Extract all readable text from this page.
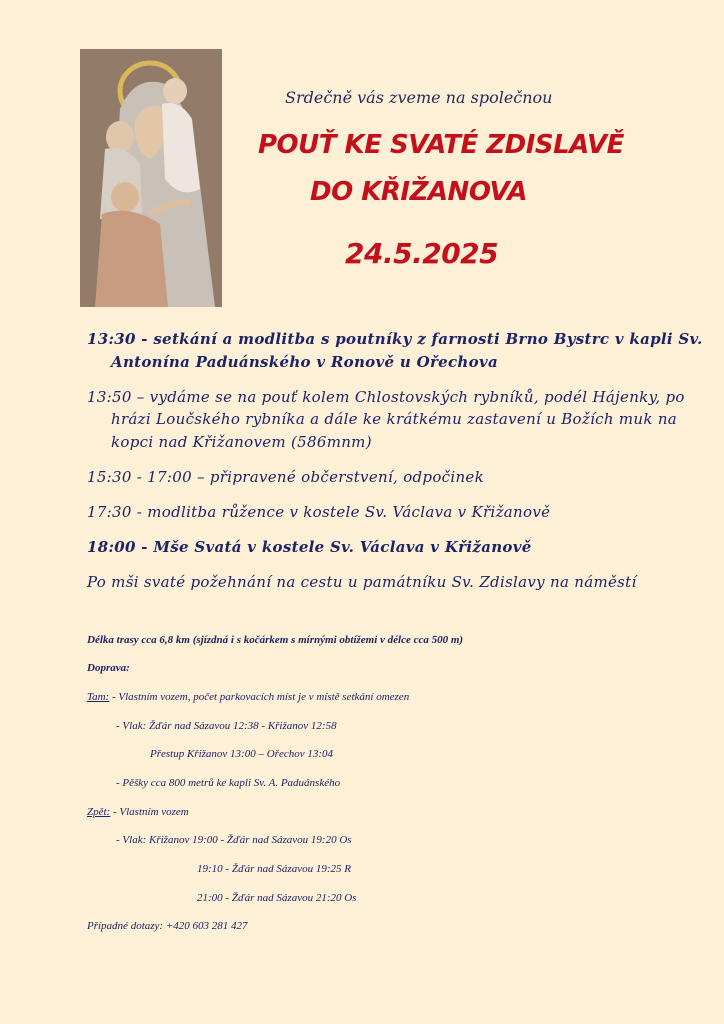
Srdečně vás zveme na společnou
POUŤ KE SVATÉ ZDISLAVĚ
DO KŘIŽANOVA
24.5.2025
13:30 - setkání a modlitba s poutníky z farnosti Brno Bystrc v kapli Sv. Antonína Paduánského v Ronově u Ořechova
13:50 – vydáme se na pouť kolem Chlostovských rybníků, podél Hájenky, po hrázi Loučského rybníka a dále ke krátkému zastavení u Božích muk na kopci nad Křižanovem (586mnm)
15:30 - 17:00 – připravené občerstvení, odpočinek
17:30 - modlitba růžence v kostele Sv. Václava v Křižanově
18:00 - Mše Svatá v kostele Sv. Václava v Křižanově
Po mši svaté požehnání na cestu u památníku Sv. Zdislavy na náměstí
Délka trasy cca 6,8 km (sjízdná i s kočárkem s mírnými obtížemi v délce cca 500 m)
Doprava:
Tam: - Vlastním vozem, počet parkovacích míst je v místě setkání omezen
- Vlak: Žďár nad Sázavou 12:38 - Křižanov 12:58
Přestup Křižanov 13:00 – Ořechov 13:04
- Pěšky cca 800 metrů ke kapli Sv. A. Paduánského
Zpět: - Vlastním vozem
- Vlak: Křižanov 19:00 - Žďár nad Sázavou 19:20 Os
19:10 - Žďár nad Sázavou 19:25 R
21:00 - Žďár nad Sázavou 21:20 Os
Případné dotazy: +420 603 281 427
